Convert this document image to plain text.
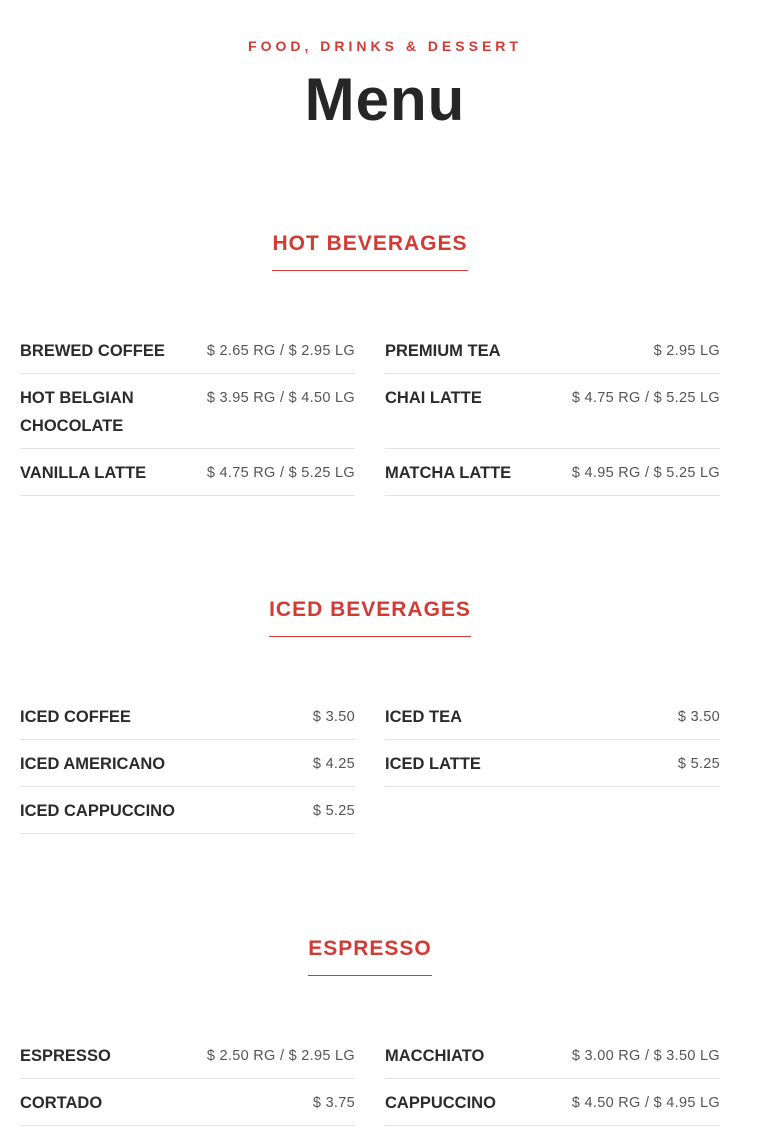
FOOD, DRINKS & DESSERT
Menu
HOT BEVERAGES
BREWED COFFEE	$ 2.65 RG / $ 2.95 LG
HOT BELGIAN CHOCOLATE
$ 3.95 RG / $ 4.50 LG
VANILLA LATTE	$ 4.75 RG / $ 5.25 LG
PREMIUM TEA	$ 2.95 LG
CHAI LATTE	$ 4.75 RG / $ 5.25 LG
MATCHA LATTE	$ 4.95 RG / $ 5.25 LG
ICED BEVERAGES
ICED COFFEE	$ 3.50
ICED AMERICANO	$ 4.25
ICED CAPPUCCINO	$ 5.25
ICED TEA	$ 3.50
ICED LATTE	$ 5.25
ESPRESSO
ESPRESSO	$ 2.50 RG / $ 2.95 LG
CORTADO	$ 3.75
MACCHIATO	$ 3.00 RG / $ 3.50 LG
CAPPUCCINO	$ 4.50 RG / $ 4.95 LG
